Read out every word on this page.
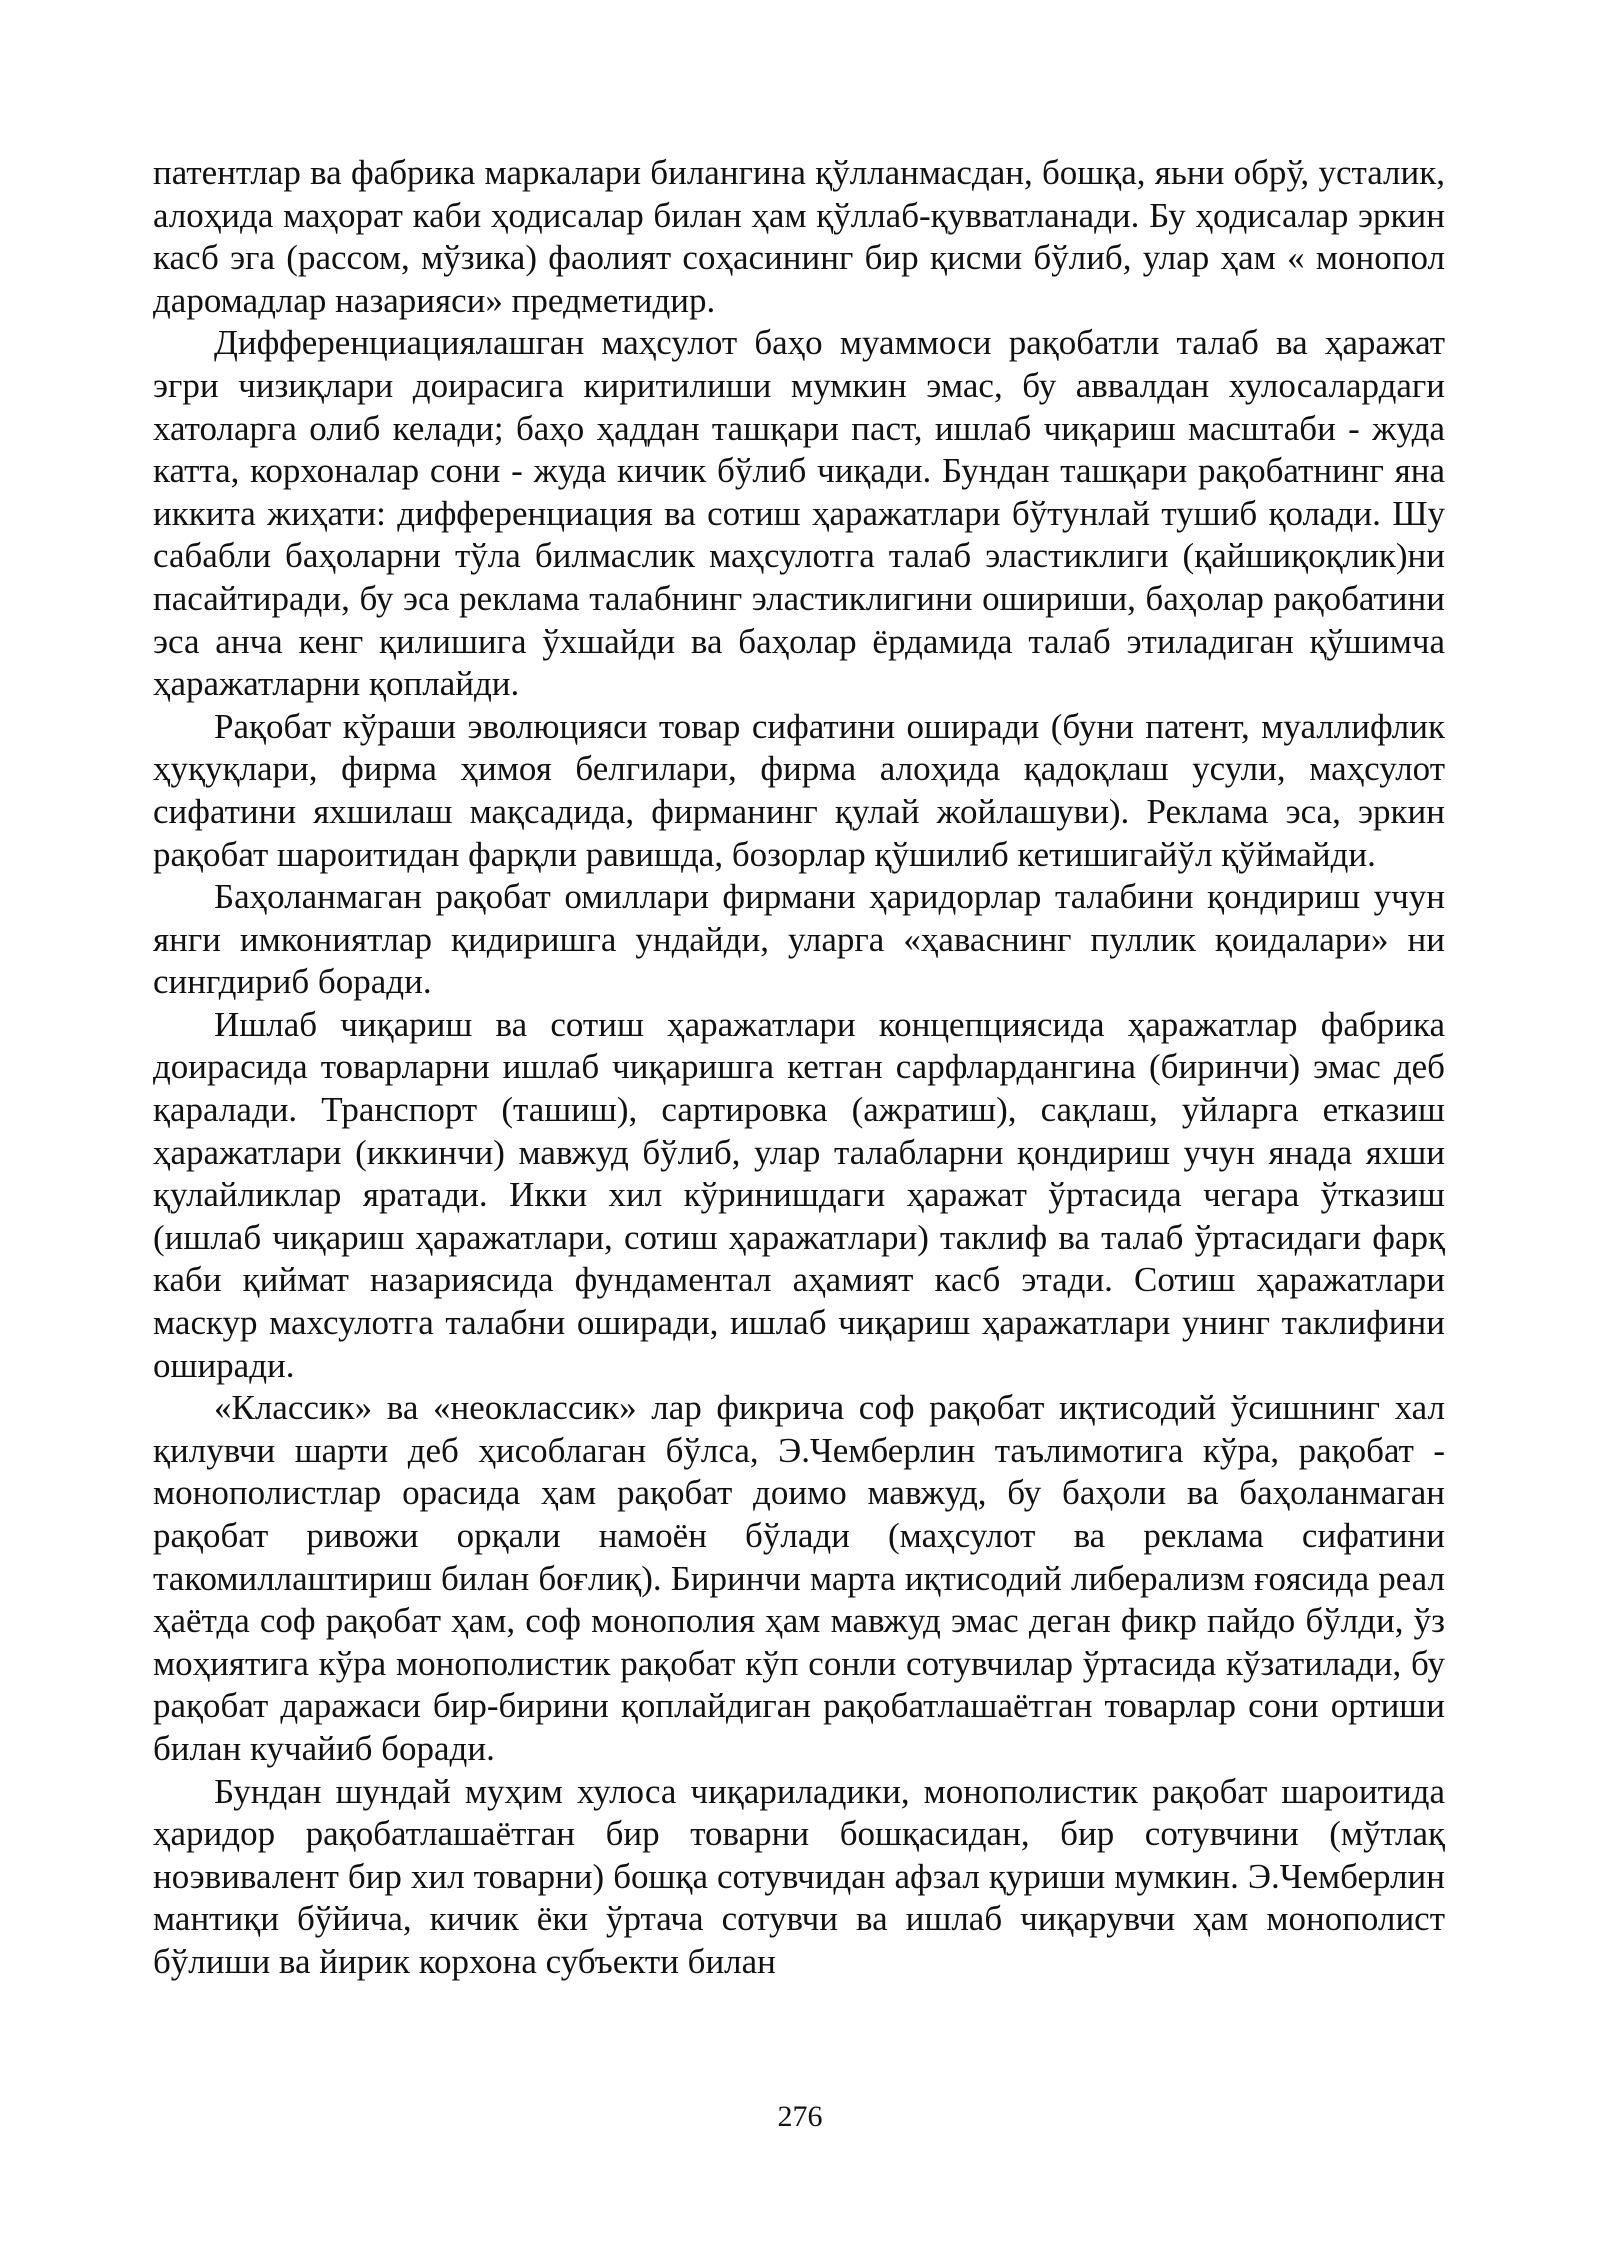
патентлар ва фабрика маркалари билангина қўлланмасдан, бошқа, яьни обрў, усталик, алоҳида маҳорат каби ҳодисалар билан ҳам қўллаб-қувватланади. Бу ҳодисалар эркин касб эга (рассом, мўзика) фаолият соҳасининг бир қисми бўлиб, улар ҳам « монопол даромадлар назарияси» предметидир.

Дифференциациялашган маҳсулот баҳо муаммоси рақобатли талаб ва ҳаражат эгри чизиқлари доирасига киритилиши мумкин эмас, бу аввалдан хулосалардаги хатоларга олиб келади; баҳо ҳаддан ташқари паст, ишлаб чиқариш масштаби - жуда катта, корхоналар сони - жуда кичик бўлиб чиқади. Бундан ташқари рақобатнинг яна иккита жиҳати: дифференциация ва сотиш ҳаражатлари бўтунлай тушиб қолади. Шу сабабли баҳоларни тўла билмаслик маҳсулотга талаб эластиклиги (қайшиқоқлик)ни пасайтиради, бу эса реклама талабнинг эластиклигини ошириши, баҳолар рақобатини эса анча кенг қилишига ўхшайди ва баҳолар ёрдамида талаб этиладиган қўшимча ҳаражатларни қоплайди.

Рақобат кўраши эволюцияси товар сифатини оширади (буни патент, муаллифлик ҳуқуқлари, фирма ҳимоя белгилари, фирма алоҳида қадоқлаш усули, маҳсулот сифатини яхшилаш мақсадида, фирманинг қулай жойлашуви). Реклама эса, эркин рақобат шароитидан фарқли равишда, бозорлар қўшилиб кетишигайўл қўймайди.

Баҳоланмаган рақобат омиллари фирмани ҳаридорлар талабини қондириш учун янги имкониятлар қидиришга ундайди, уларга «ҳаваснинг пуллик қоидалари» ни сингдириб боради.

Ишлаб чиқариш ва сотиш ҳаражатлари концепциясида ҳаражатлар фабрика доирасида товарларни ишлаб чиқаришга кетган сарфлардангина (биринчи) эмас деб қаралади. Транспорт (ташиш), сартировка (ажратиш), сақлаш, уйларга етказиш ҳаражатлари (иккинчи) мавжуд бўлиб, улар талабларни қондириш учун янада яхши қулайликлар яратади. Икки хил кўринишдаги ҳаражат ўртасида чегара ўтказиш (ишлаб чиқариш ҳаражатлари, сотиш ҳаражатлари) таклиф ва талаб ўртасидаги фарқ каби қиймат назариясида фундаментал аҳамият касб этади. Сотиш ҳаражатлари маскур махсулотга талабни оширади, ишлаб чиқариш ҳаражатлари унинг таклифини оширади.

«Классик» ва «неоклассик» лар фикрича соф рақобат иқтисодий ўсишнинг хал қилувчи шарти деб ҳисоблаган бўлса, Э.Чемберлин таълимотига кўра, рақобат - монополистлар орасида ҳам рақобат доимо мавжуд, бу баҳоли ва баҳоланмаган рақобат ривожи орқали намоён бўлади (маҳсулот ва реклама сифатини такомиллаштириш билан боғлиқ). Биринчи марта иқтисодий либерализм ғоясида реал ҳаётда соф рақобат ҳам, соф монополия ҳам мавжуд эмас деган фикр пайдо бўлди, ўз моҳиятига кўра монополистик рақобат кўп сонли сотувчилар ўртасида кўзатилади, бу рақобат даражаси бир-бирини қоплайдиган рақобатлашаётган товарлар сони ортиши билан кучайиб боради.

Бундан шундай муҳим хулоса чиқариладики, монополистик рақобат шароитида ҳаридор рақобатлашаётган бир товарни бошқасидан, бир сотувчини (мўтлақ ноэвивалент бир хил товарни) бошқа сотувчидан афзал қуриши мумкин. Э.Чемберлин мантиқи бўйича, кичик ёки ўртача сотувчи ва ишлаб чиқарувчи ҳам монополист бўлиши ва йирик корхона субъекти билан

276
